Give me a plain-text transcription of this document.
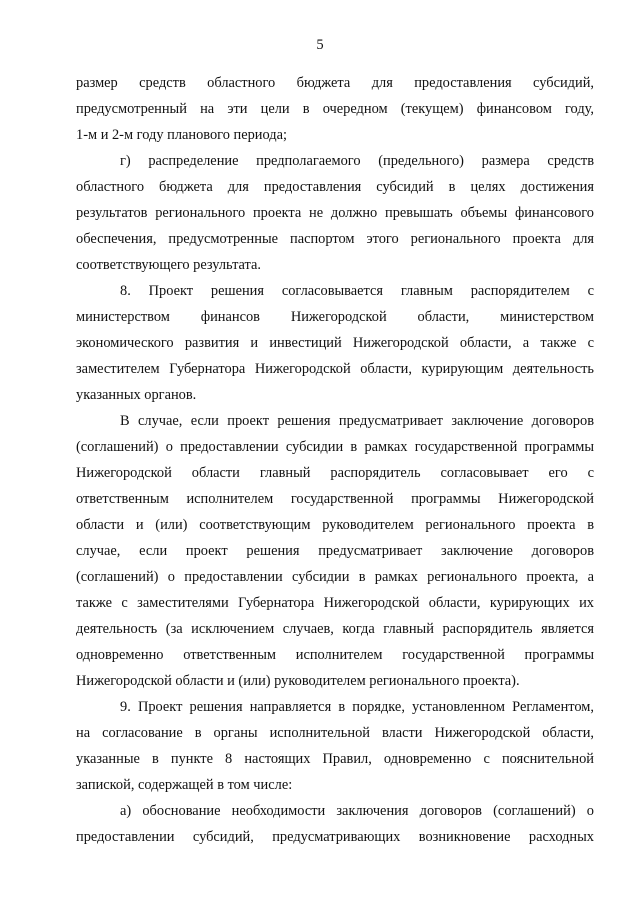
5
размер средств областного бюджета для предоставления субсидий,
предусмотренный на эти цели в очередном (текущем) финансовом году,
1-м и 2-м году планового периода;
г) распределение предполагаемого (предельного) размера средств
областного бюджета для предоставления субсидий в целях достижения
результатов регионального проекта не должно превышать объемы финансового
обеспечения, предусмотренные паспортом этого регионального проекта для
соответствующего результата.
8. Проект решения согласовывается главным распорядителем с
министерством финансов Нижегородской области, министерством
экономического развития и инвестиций Нижегородской области, а также с
заместителем Губернатора Нижегородской области, курирующим деятельность
указанных органов.
В случае, если проект решения предусматривает заключение договоров
(соглашений) о предоставлении субсидии в рамках государственной программы
Нижегородской области главный распорядитель согласовывает его с
ответственным исполнителем государственной программы Нижегородской
области и (или) соответствующим руководителем регионального проекта в
случае, если проект решения предусматривает заключение договоров
(соглашений) о предоставлении субсидии в рамках регионального проекта, а
также с заместителями Губернатора Нижегородской области, курирующих их
деятельность (за исключением случаев, когда главный распорядитель является
одновременно ответственным исполнителем государственной программы
Нижегородской области и (или) руководителем регионального проекта).
9. Проект решения направляется в порядке, установленном Регламентом,
на согласование в органы исполнительной власти Нижегородской области,
указанные в пункте 8 настоящих Правил, одновременно с пояснительной
запиской, содержащей в том числе:
а) обоснование необходимости заключения договоров (соглашений) о
предоставлении субсидий, предусматривающих возникновение расходных
